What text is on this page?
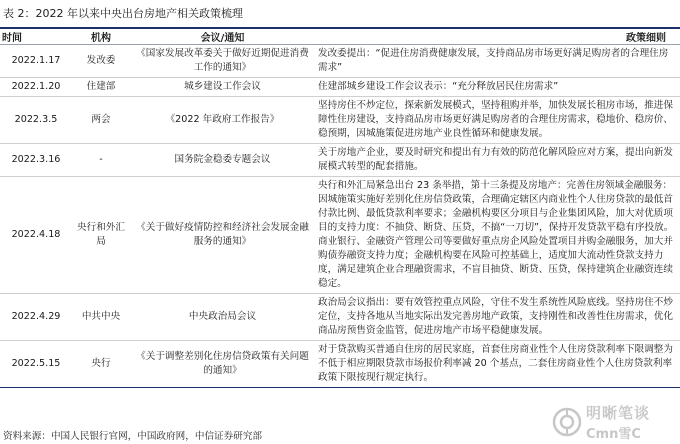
表 2：2022 年以来中央出台房地产相关政策梳理
时间	机构	会议/通知	政策细则
2022.1.17	发改委	《国家发展改革委关于做好近期促进消费工作的通知》	发改委提出：“促进住房消费健康发展，支持商品房市场更好满足购房者的合理住房需求”
2022.1.20	住建部	城乡建设工作会议	住建部城乡建设工作会议表示：“充分释放居民住房需求”
2022.3.5	两会	《2022 年政府工作报告》	坚持房住不炒定位，探索新发展模式，坚持租购并举，加快发展长租房市场，推进保障性住房建设，支持商品房市场更好满足购房者的合理住房需求，稳地价、稳房价、稳预期，因城施策促进房地产业良性循环和健康发展。
2022.3.16	-	国务院金稳委专题会议	关于房地产企业，要及时研究和提出有力有效的防范化解风险应对方案，提出向新发展模式转型的配套措施。
2022.4.18	央行和外汇局	《关于做好疫情防控和经济社会发展金融服务的通知》	央行和外汇局紧急出台 23 条举措，第十三条提及房地产：完善住房领域金融服务：因城施策实施好差别化住房信贷政策，合理确定辖区内商业性个人住房贷款的最低首付款比例、最低贷款利率要求；金融机构要区分项目与企业集团风险，加大对优质项目的支持力度：不抽贷、断贷、压贷，不搞“一刀切”，保持开发贷款平稳有序投放。商业银行、金融资产管理公司等要做好重点房企风险处置项目并购金融服务，加大并购债券融资支持力度；金融机构要在风险可控基础上，适度加大流动性贷款支持力度，满足建筑企业合理融资需求，不盲目抽贷、断贷、压贷，保持建筑企业融资连续稳定。
2022.4.29	中共中央	中央政治局会议	政治局会议指出：要有效管控重点风险，守住不发生系统性风险底线。坚持房住不炒定位，支持各地从当地实际出发完善房地产政策，支持刚性和改善性住房需求，优化商品房预售资金监管，促进房地产市场平稳健康发展。
2022.5.15	央行	《关于调整差别化住房信贷政策有关问题的通知》	对于贷款购买普通自住房的居民家庭，首套住房商业性个人住房贷款利率下限调整为不低于相应期限贷款市场报价利率减 20 个基点，二套住房商业性个人住房贷款利率政策下限按现行规定执行。
资料来源：中国人民银行官网，中国政府网，中信证券研究部
明晰笔谈
Cmn雪C
